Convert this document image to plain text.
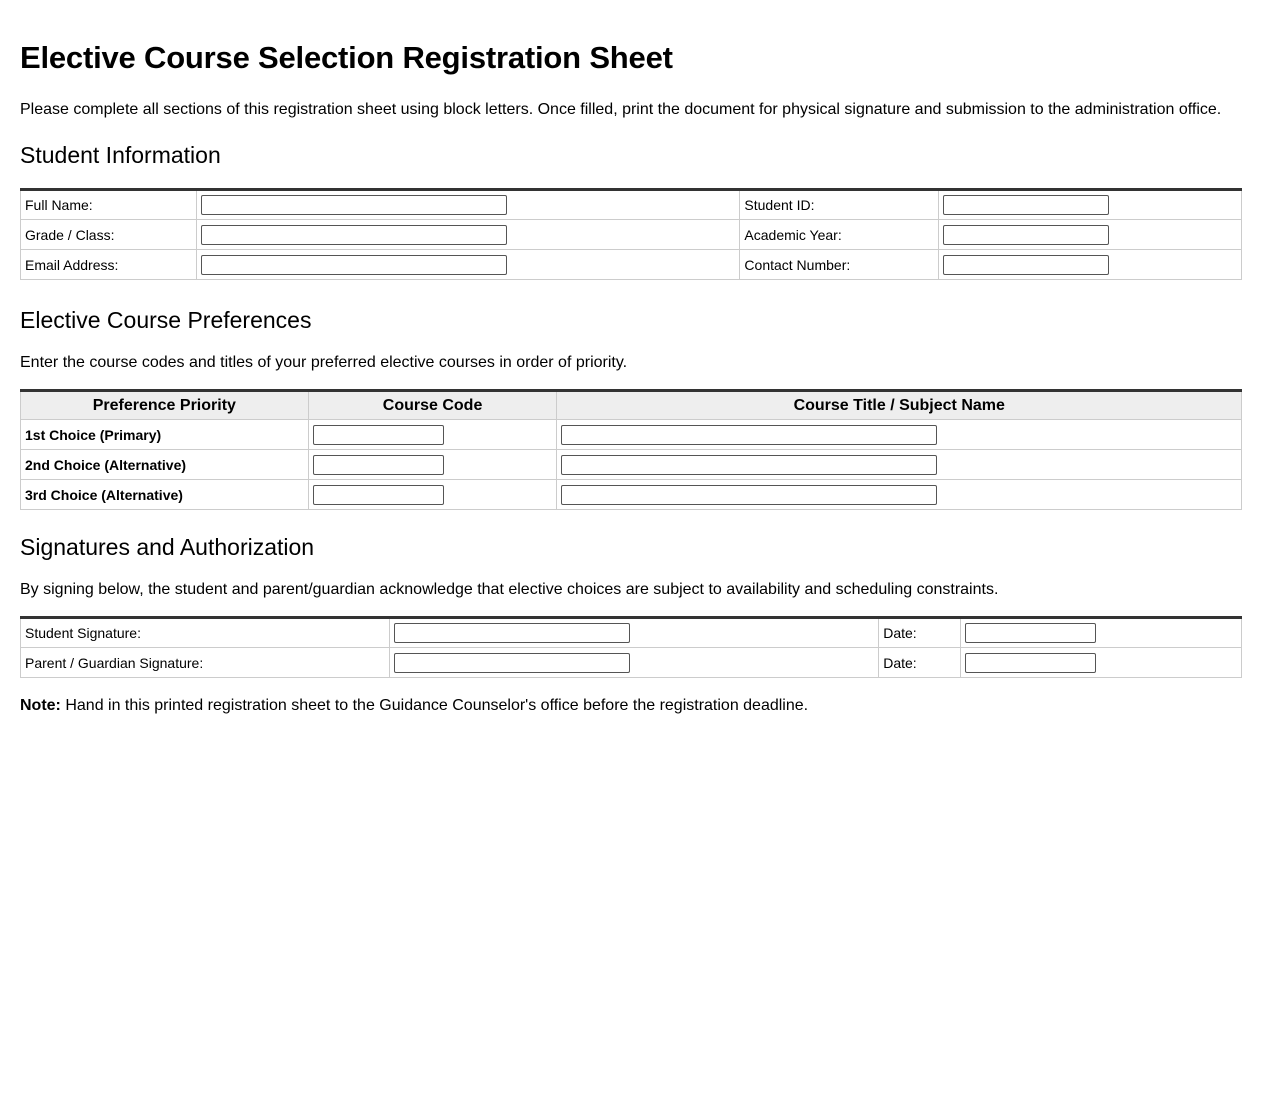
Elective Course Selection Registration Sheet
Please complete all sections of this registration sheet using block letters. Once filled, print the document for physical signature and submission to the administration office.
Student Information
Full Name:		Student ID:	

Grade / Class:		Academic Year:	

Email Address:		Contact Number:	
Elective Course Preferences
Enter the course codes and titles of your preferred elective courses in order of priority.
Preference Priority	Course Code	Course Title / Subject Name
1st Choice (Primary)	

2nd Choice (Alternative)	

3rd Choice (Alternative)	

Signatures and Authorization
By signing below, the student and parent/guardian acknowledge that elective choices are subject to availability and scheduling constraints.
Student Signature:		Date:	

Parent / Guardian Signature:		Date:	
Note: Hand in this printed registration sheet to the Guidance Counselor's office before the registration deadline.
